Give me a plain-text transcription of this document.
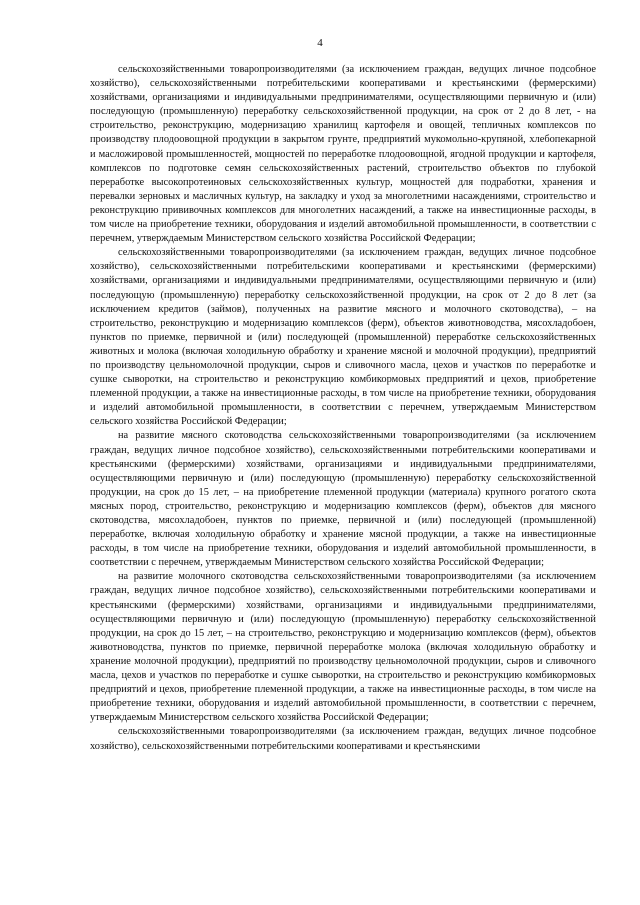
4

сельскохозяйственными товаропроизводителями (за исключением граждан, ведущих личное подсобное хозяйство), сельскохозяйственными потребительскими кооперативами и крестьянскими (фермерскими) хозяйствами, организациями и индивидуальными предпринимателями, осуществляющими первичную и (или) последующую (промышленную) переработку сельскохозяйственной продукции, на срок от 2 до 8 лет, - на строительство, реконструкцию, модернизацию хранилищ картофеля и овощей, тепличных комплексов по производству плодоовощной продукции в закрытом грунте, предприятий мукомольно-крупяной, хлебопекарной и масложировой промышленностей, мощностей по переработке плодоовощной, ягодной продукции и картофеля, комплексов по подготовке семян сельскохозяйственных растений, строительство объектов по глубокой переработке высокопротеиновых сельскохозяйственных культур, мощностей для подработки, хранения и перевалки зерновых и масличных культур, на закладку и уход за многолетними насаждениями, строительство и реконструкцию прививочных комплексов для многолетних насаждений, а также на инвестиционные расходы, в том числе на приобретение техники, оборудования и изделий автомобильной промышленности, в соответствии с перечнем, утверждаемым Министерством сельского хозяйства Российской Федерации;

сельскохозяйственными товаропроизводителями (за исключением граждан, ведущих личное подсобное хозяйство), сельскохозяйственными потребительскими кооперативами и крестьянскими (фермерскими) хозяйствами, организациями и индивидуальными предпринимателями, осуществляющими первичную и (или) последующую (промышленную) переработку сельскохозяйственной продукции, на срок от 2 до 8 лет (за исключением кредитов (займов), полученных на развитие мясного и молочного скотоводства), – на строительство, реконструкцию и модернизацию комплексов (ферм), объектов животноводства, мясохладобоен, пунктов по приемке, первичной и (или) последующей (промышленной) переработке сельскохозяйственных животных и молока (включая холодильную обработку и хранение мясной и молочной продукции), предприятий по производству цельномолочной продукции, сыров и сливочного масла, цехов и участков по переработке и сушке сыворотки, на строительство и реконструкцию комбикормовых предприятий и цехов, приобретение племенной продукции, а также на инвестиционные расходы, в том числе на приобретение техники, оборудования и изделий автомобильной промышленности, в соответствии с перечнем, утверждаемым Министерством сельского хозяйства Российской Федерации;

на развитие мясного скотоводства сельскохозяйственными товаропроизводителями (за исключением граждан, ведущих личное подсобное хозяйство), сельскохозяйственными потребительскими кооперативами и крестьянскими (фермерскими) хозяйствами, организациями и индивидуальными предпринимателями, осуществляющими первичную и (или) последующую (промышленную) переработку сельскохозяйственной продукции, на срок до 15 лет, – на приобретение племенной продукции (материала) крупного рогатого скота мясных пород, строительство, реконструкцию и модернизацию комплексов (ферм), объектов для мясного скотоводства, мясохладобоен, пунктов по приемке, первичной и (или) последующей (промышленной) переработке, включая холодильную обработку и хранение мясной продукции, а также на инвестиционные расходы, в том числе на приобретение техники, оборудования и изделий автомобильной промышленности, в соответствии с перечнем, утверждаемым Министерством сельского хозяйства Российской Федерации;

на развитие молочного скотоводства сельскохозяйственными товаропроизводителями (за исключением граждан, ведущих личное подсобное хозяйство), сельскохозяйственными потребительскими кооперативами и крестьянскими (фермерскими) хозяйствами, организациями и индивидуальными предпринимателями, осуществляющими первичную и (или) последующую (промышленную) переработку сельскохозяйственной продукции, на срок до 15 лет, – на строительство, реконструкцию и модернизацию комплексов (ферм), объектов животноводства, пунктов по приемке, первичной переработке молока (включая холодильную обработку и хранение молочной продукции), предприятий по производству цельномолочной продукции, сыров и сливочного масла, цехов и участков по переработке и сушке сыворотки, на строительство и реконструкцию комбикормовых предприятий и цехов, приобретение племенной продукции, а также на инвестиционные расходы, в том числе на приобретение техники, оборудования и изделий автомобильной промышленности, в соответствии с перечнем, утверждаемым Министерством сельского хозяйства Российской Федерации;

сельскохозяйственными товаропроизводителями (за исключением граждан, ведущих личное подсобное хозяйство), сельскохозяйственными потребительскими кооперативами и крестьянскими
